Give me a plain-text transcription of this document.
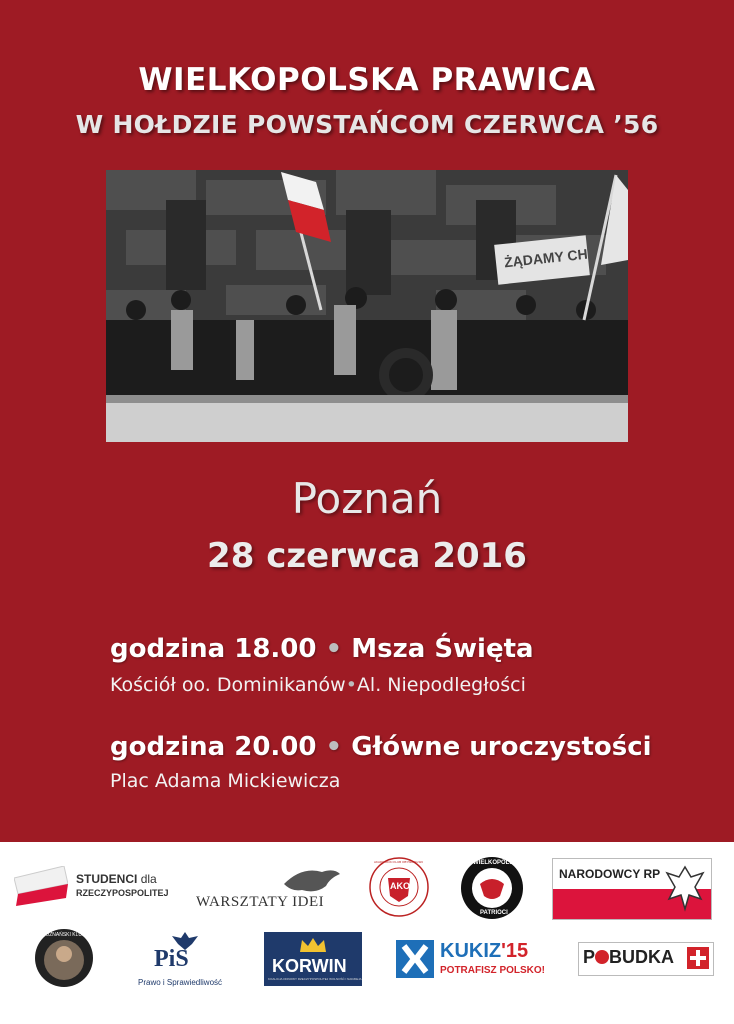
WIELKOPOLSKA PRAWICA
W HOŁDZIE POWSTAŃCOM CZERWCA ’56
ŻĄDAMY CH
Poznań
28 czerwca 2016
godzina 18.00 • Msza Święta
Kościół oo. Dominikanów•Al. Niepodległości
godzina 20.00 • Główne uroczystości
Plac Adama Mickiewicza
STUDENCI dla
RZECZYPOSPOLITEJ
WARSZTATY IDEI
AKO
AKADEMICKI KLUB OBYWATELSKI	WIELKOPOLSCY
PATRIOCI
NARODOWCY RP
POZNAŃSKI KLUB
PiS
Prawo i Sprawiedliwość
KORWIN
KOALICJA ODNOWY RZECZYPOSPOLITEJ WOLNOŚĆ I NADZIEJA
KUKIZ'15
POTRAFISZ POLSKO!
P BUDKA
